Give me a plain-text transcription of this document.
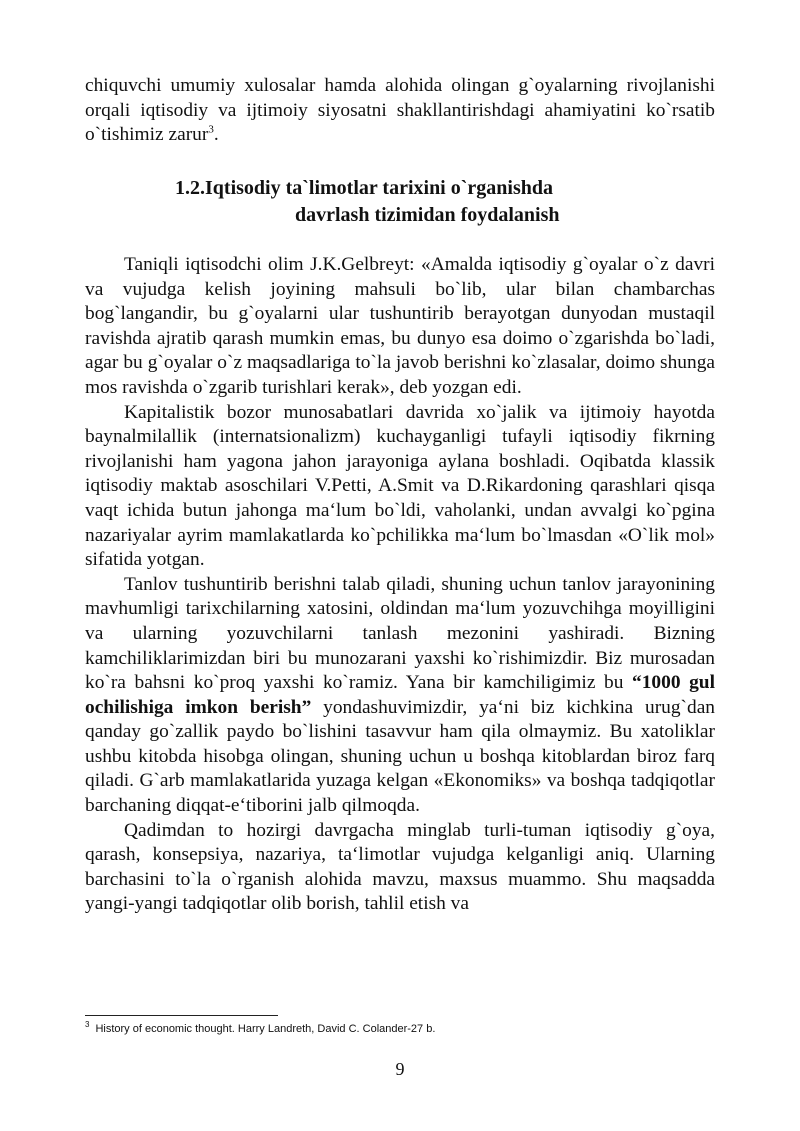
chiquvchi umumiy xulosalar hamda alohida olingan g`oyalarning rivojlanishi orqali iqtisodiy va ijtimoiy siyosatni shakllantirishdagi ahamiyatini ko`rsatib o`tishimiz zarur$^3$.

1.2.Iqtisodiy ta`limotlar tarixini o`rganishda
davrlash tizimidan foydalanish

Taniqli iqtisodchi olim J.K.Gelbreyt: «Amalda iqtisodiy g`oyalar o`z davri va vujudga kelish joyining mahsuli bo`lib, ular bilan chambarchas bog`langandir, bu g`oyalarni ular tushuntirib berayotgan dunyodan mustaqil ravishda ajratib qarash mumkin emas, bu dunyo esa doimo o`zgarishda bo`ladi, agar bu g`oyalar o`z maqsadlariga to`la javob berishni ko`zlasalar, doimo shunga mos ravishda o`zgarib turishlari kerak», deb yozgan edi.

Kapitalistik bozor munosabatlari davrida xo`jalik va ijtimoiy hayotda baynalmilallik (internatsionalizm) kuchayganligi tufayli iqtisodiy fikrning rivojlanishi ham yagona jahon jarayoniga aylana boshladi. Oqibatda klassik iqtisodiy maktab asoschilari V.Petti, A.Smit va D.Rikardoning qarashlari qisqa vaqt ichida butun jahonga ma‘lum bo`ldi, vaholanki, undan avvalgi ko`pgina nazariyalar ayrim mamlakatlarda ko`pchilikka ma‘lum bo`lmasdan «O`lik mol» sifatida yotgan.

Tanlov tushuntirib berishni talab qiladi, shuning uchun tanlov jarayonining mavhumligi tarixchilarning xatosini, oldindan ma‘lum yozuvchihga moyilligini va ularning yozuvchilarni tanlash mezonini yashiradi. Bizning kamchiliklarimizdan biri bu munozarani yaxshi ko`rishimizdir. Biz murosadan ko`ra bahsni ko`proq yaxshi ko`ramiz. Yana bir kamchiligimiz bu “1000 gul ochilishiga imkon berish” yondashuvimizdir, ya‘ni biz kichkina urug`dan qanday go`zallik paydo bo`lishini tasavvur ham qila olmaymiz. Bu xatoliklar ushbu kitobda hisobga olingan, shuning uchun u boshqa kitoblardan biroz farq qiladi. G`arb mamlakatlarida yuzaga kelgan «Ekonomiks» va boshqa tadqiqotlar barchaning diqqat-e‘tiborini jalb qilmoqda.

Qadimdan to hozirgi davrgacha minglab turli-tuman iqtisodiy g`oya, qarash, konsepsiya, nazariya, ta‘limotlar vujudga kelganligi aniq. Ularning barchasini to`la o`rganish alohida mavzu, maxsus muammo. Shu maqsadda yangi-yangi tadqiqotlar olib borish, tahlil etish va

$^3$ History of economic thought. Harry Landreth, David C. Colander-27 b.
9
